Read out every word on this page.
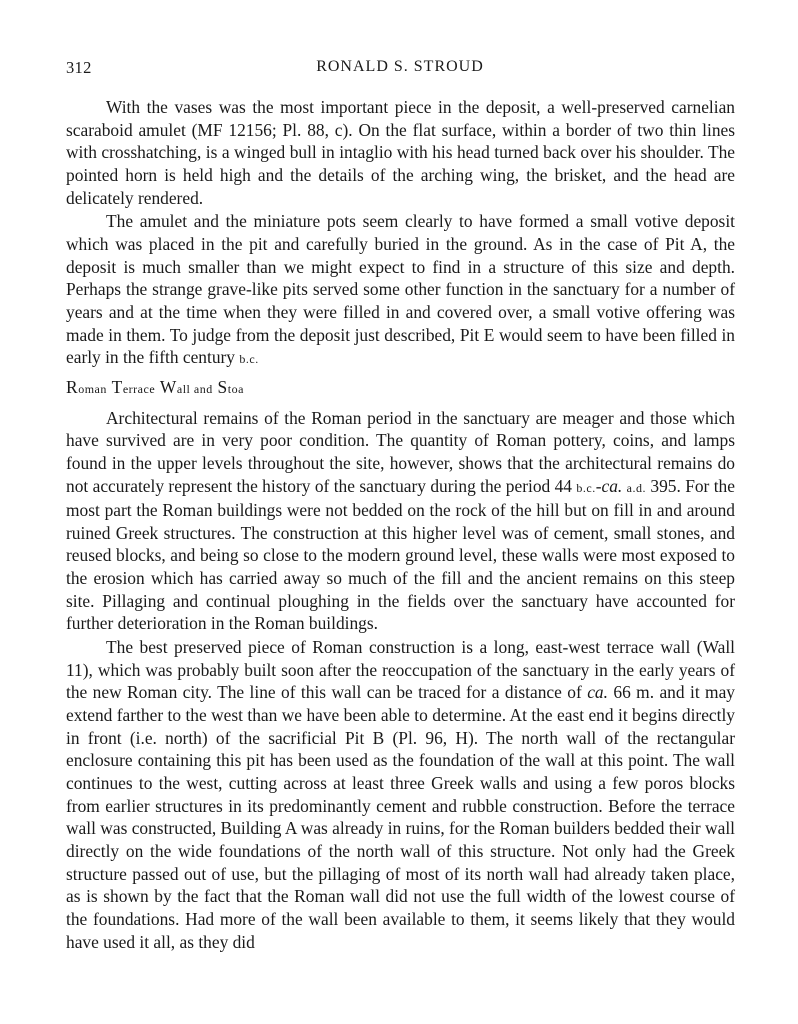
312	RONALD S. STROUD

With the vases was the most important piece in the deposit, a well-preserved carnelian scaraboid amulet (MF 12156; Pl. 88, c). On the flat surface, within a border of two thin lines with crosshatching, is a winged bull in intaglio with his head turned back over his shoulder. The pointed horn is held high and the details of the arching wing, the brisket, and the head are delicately rendered.

The amulet and the miniature pots seem clearly to have formed a small votive deposit which was placed in the pit and carefully buried in the ground. As in the case of Pit A, the deposit is much smaller than we might expect to find in a structure of this size and depth. Perhaps the strange grave-like pits served some other function in the sanctuary for a number of years and at the time when they were filled in and covered over, a small votive offering was made in them. To judge from the deposit just described, Pit E would seem to have been filled in early in the fifth century b.c.

Roman Terrace Wall and Stoa

Architectural remains of the Roman period in the sanctuary are meager and those which have survived are in very poor condition. The quantity of Roman pottery, coins, and lamps found in the upper levels throughout the site, however, shows that the architectural remains do not accurately represent the history of the sanctuary during the period 44 b.c.-ca. a.d. 395. For the most part the Roman buildings were not bedded on the rock of the hill but on fill in and around ruined Greek structures. The construction at this higher level was of cement, small stones, and reused blocks, and being so close to the modern ground level, these walls were most exposed to the erosion which has carried away so much of the fill and the ancient remains on this steep site. Pillaging and continual ploughing in the fields over the sanctuary have accounted for further deterioration in the Roman buildings.

The best preserved piece of Roman construction is a long, east-west terrace wall (Wall 11), which was probably built soon after the reoccupation of the sanctuary in the early years of the new Roman city. The line of this wall can be traced for a distance of ca. 66 m. and it may extend farther to the west than we have been able to determine. At the east end it begins directly in front (i.e. north) of the sacrificial Pit B (Pl. 96, H). The north wall of the rectangular enclosure containing this pit has been used as the foundation of the wall at this point. The wall continues to the west, cutting across at least three Greek walls and using a few poros blocks from earlier structures in its predominantly cement and rubble construction. Before the terrace wall was constructed, Building A was already in ruins, for the Roman builders bedded their wall directly on the wide foundations of the north wall of this structure. Not only had the Greek structure passed out of use, but the pillaging of most of its north wall had already taken place, as is shown by the fact that the Roman wall did not use the full width of the lowest course of the foundations. Had more of the wall been available to them, it seems likely that they would have used it all, as they did
